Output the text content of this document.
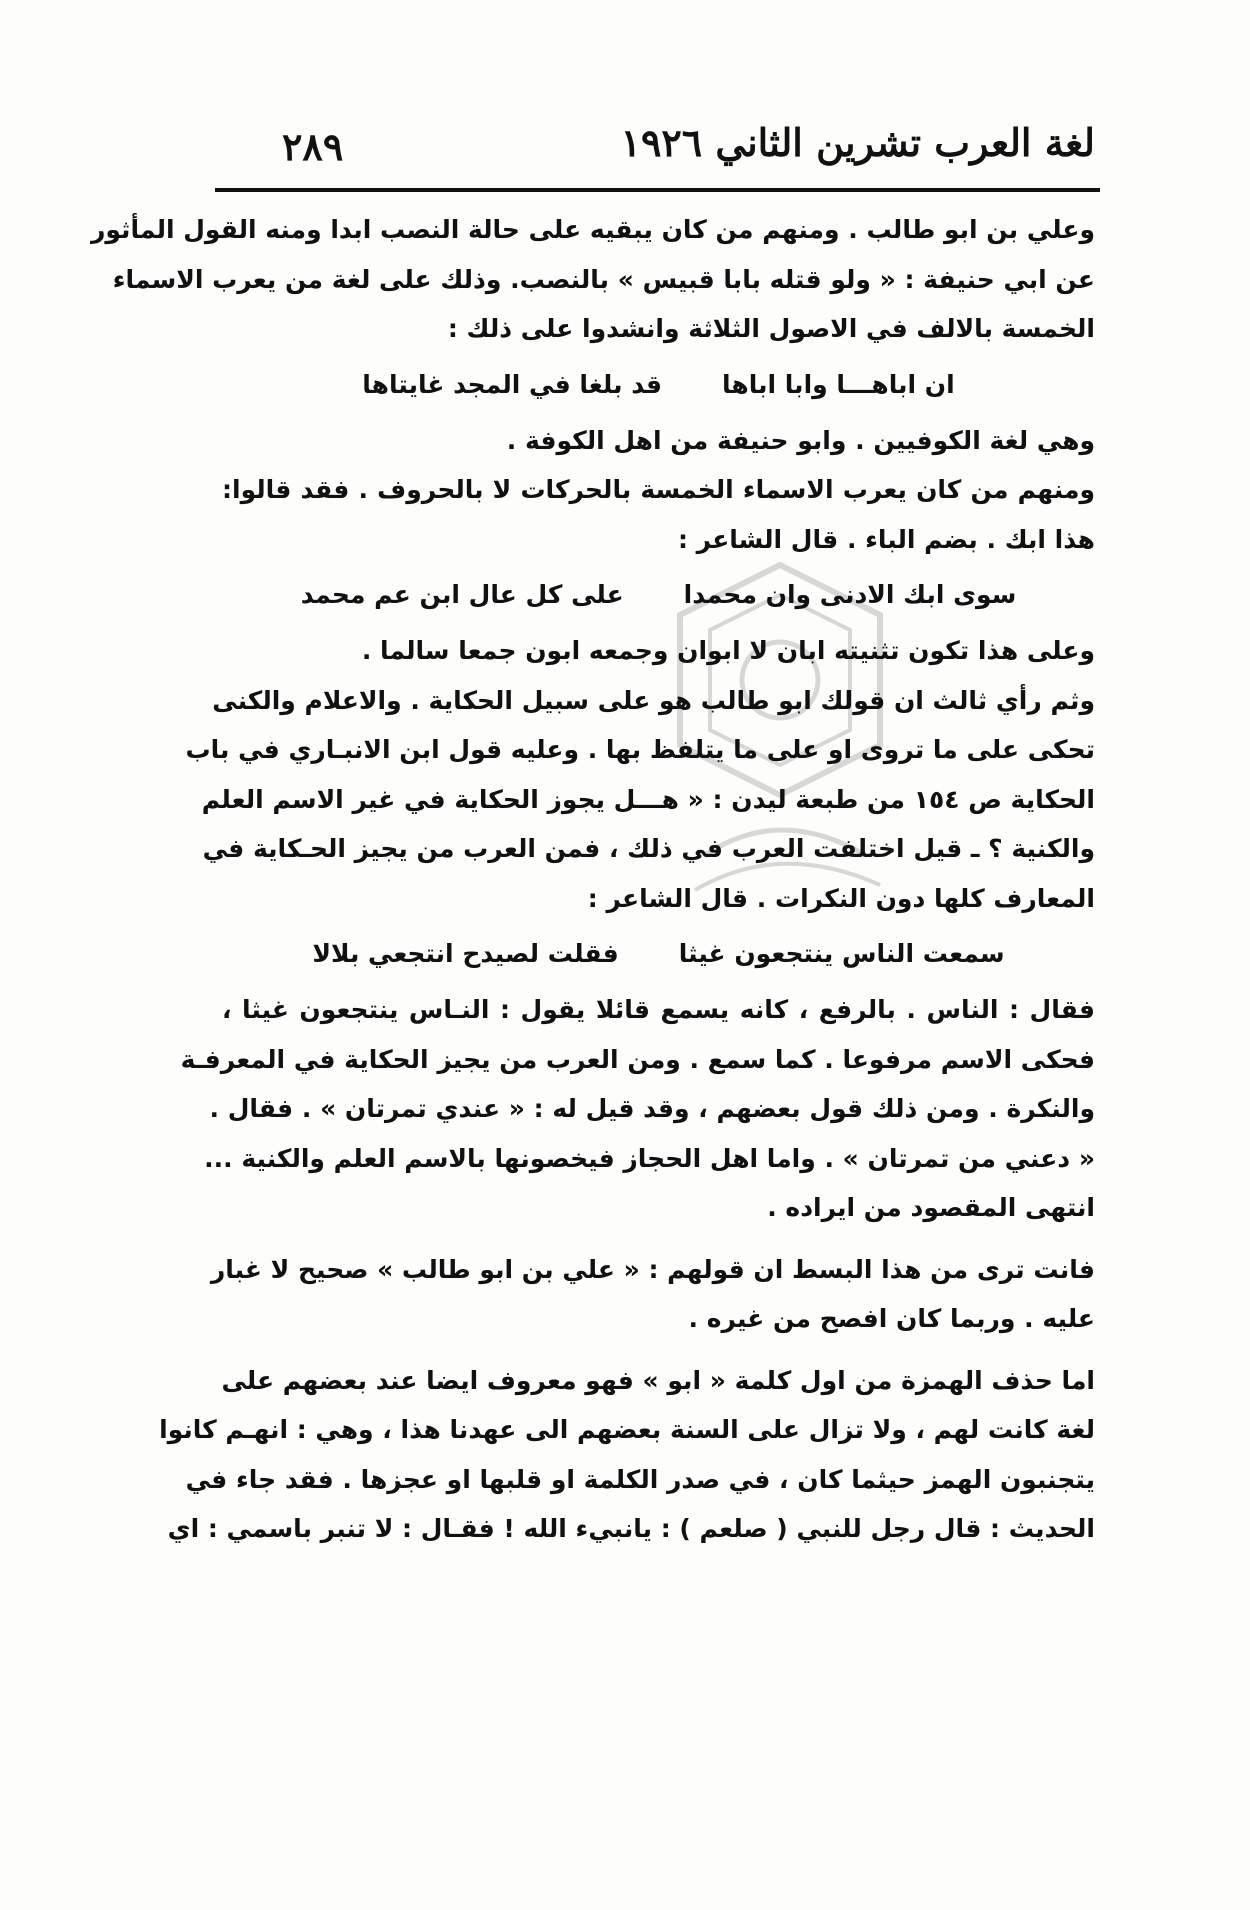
٢٨٩	لغة العرب تشرين الثاني ١٩٢٦
وعلي بن ابو طالب . ومنهم من كان يبقيه على حالة النصب ابدا ومنه القول المأثور
عن ابي حنيفة : « ولو قتله بابا قبيس » بالنصب. وذلك على لغة من يعرب الاسماء
الخمسة بالالف في الاصول الثلاثة وانشدوا على ذلك :
ان اباهـــا وابا اباها
قد بلغا في المجد غايتاها
وهي لغة الكوفيين . وابو حنيفة من اهل الكوفة .
ومنهم من كان يعرب الاسماء الخمسة بالحركات لا بالحروف . فقد قالوا:
هذا ابك . بضم الباء . قال الشاعر :
سوى ابك الادنى وان محمدا
على كل عال ابن عم محمد
وعلى هذا تكون تثنيته ابان لا ابوان وجمعه ابون جمعا سالما .
وثم رأي ثالث ان قولك ابو طالب هو على سبيل الحكاية . والاعلام والكنى
تحكى على ما تروى او على ما يتلفظ بها . وعليه قول ابن الانبـاري في باب
الحكاية ص ١٥٤ من طبعة ليدن : « هـــل يجوز الحكاية في غير الاسم العلم
والكنية ؟ ـ قيل اختلفت العرب في ذلك ، فمن العرب من يجيز الحـكاية في
المعارف كلها دون النكرات . قال الشاعر :
سمعت الناس ينتجعون غيثا
فقلت لصيدح انتجعي بلالا
فقال : الناس . بالرفع ، كانه يسمع قائلا يقول : النـاس ينتجعون غيثا ،
فحكى الاسم مرفوعا . كما سمع . ومن العرب من يجيز الحكاية في المعرفـة
والنكرة . ومن ذلك قول بعضهم ، وقد قيل له : « عندي تمرتان » . فقال .
« دعني من تمرتان » . واما اهل الحجاز فيخصونها بالاسم العلم والكنية ...
انتهى المقصود من ايراده .
فانت ترى من هذا البسط ان قولهم : « علي بن ابو طالب » صحيح لا غبار
عليه . وربما كان افصح من غيره .
اما حذف الهمزة من اول كلمة « ابو » فهو معروف ايضا عند بعضهم على
لغة كانت لهم ، ولا تزال على السنة بعضهم الى عهدنا هذا ، وهي : انهـم كانوا
يتجنبون الهمز حيثما كان ، في صدر الكلمة او قلبها او عجزها . فقد جاء في
الحديث : قال رجل للنبي ( صلعم ) : يانبيء الله ! فقـال : لا تنبر باسمي : اي
